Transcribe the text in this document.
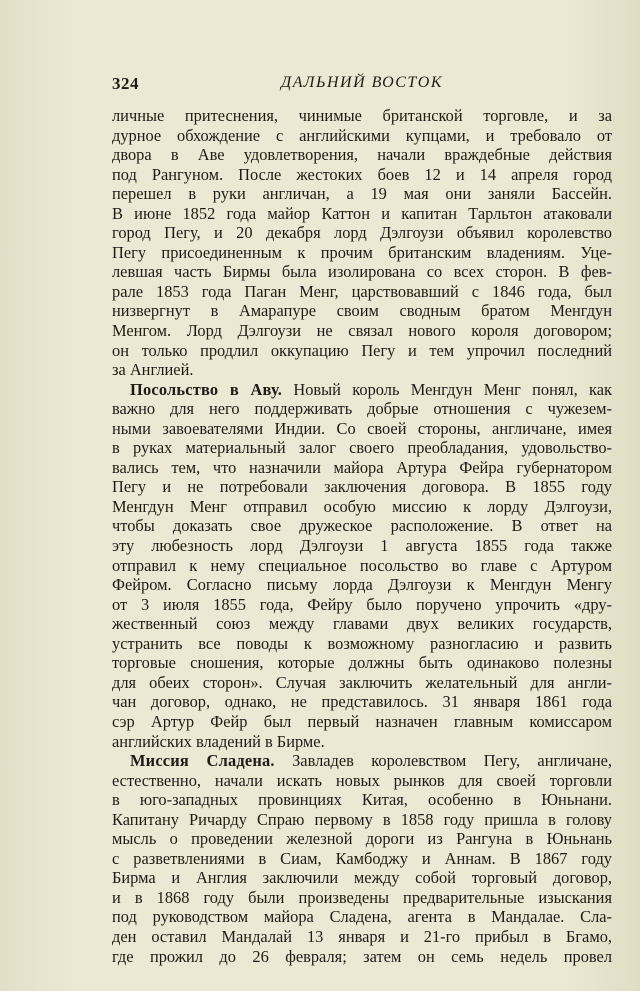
324	ДАЛЬНИЙ ВОСТОК
личные притеснения, чинимые британской торговле, и за
дурное обхождение с английскими купцами, и требовало от
двора в Аве удовлетворения, начали враждебные действия
под Рангуном. После жестоких боев 12 и 14 апреля город
перешел в руки англичан, а 19 мая они заняли Бассейн.
В июне 1852 года майор Каттон и капитан Тарльтон атаковали
город Пегу, и 20 декабря лорд Дэлгоузи объявил королевство
Пегу присоединенным к прочим британским владениям. Уце-
левшая часть Бирмы была изолирована со всех сторон. В фев-
рале 1853 года Паган Менг, царствовавший с 1846 года, был
низвергнут в Амарапуре своим сводным братом Менгдун
Менгом. Лорд Дэлгоузи не связал нового короля договором;
он только продлил оккупацию Пегу и тем упрочил последний
за Англией.
Посольство в Аву. Новый король Менгдун Менг понял, как
важно для него поддерживать добрые отношения с чужезем-
ными завоевателями Индии. Со своей стороны, англичане, имея
в руках материальный залог своего преобладания, удовольство-
вались тем, что назначили майора Артура Фейра губернатором
Пегу и не потребовали заключения договора. В 1855 году
Менгдун Менг отправил особую миссию к лорду Дэлгоузи,
чтобы доказать свое дружеское расположение. В ответ на
эту любезность лорд Дэлгоузи 1 августа 1855 года также
отправил к нему специальное посольство во главе с Артуром
Фейром. Согласно письму лорда Дэлгоузи к Менгдун Менгу
от 3 июля 1855 года, Фейру было поручено упрочить «дру-
жественный союз между главами двух великих государств,
устранить все поводы к возможному разногласию и развить
торговые сношения, которые должны быть одинаково полезны
для обеих сторон». Случая заключить желательный для англи-
чан договор, однако, не представилось. 31 января 1861 года
сэр Артур Фейр был первый назначен главным комиссаром
английских владений в Бирме.
Миссия Сладена. Завладев королевством Пегу, англичане,
естественно, начали искать новых рынков для своей торговли
в юго-западных провинциях Китая, особенно в Юньнани.
Капитану Ричарду Спраю первому в 1858 году пришла в голову
мысль о проведении железной дороги из Рангуна в Юньнань
с разветвлениями в Сиам, Камбоджу и Аннам. В 1867 году
Бирма и Англия заключили между собой торговый договор,
и в 1868 году были произведены предварительные изыскания
под руководством майора Сладена, агента в Мандалае. Сла-
ден оставил Мандалай 13 января и 21-го прибыл в Бгамо,
где прожил до 26 февраля; затем он семь недель провел
